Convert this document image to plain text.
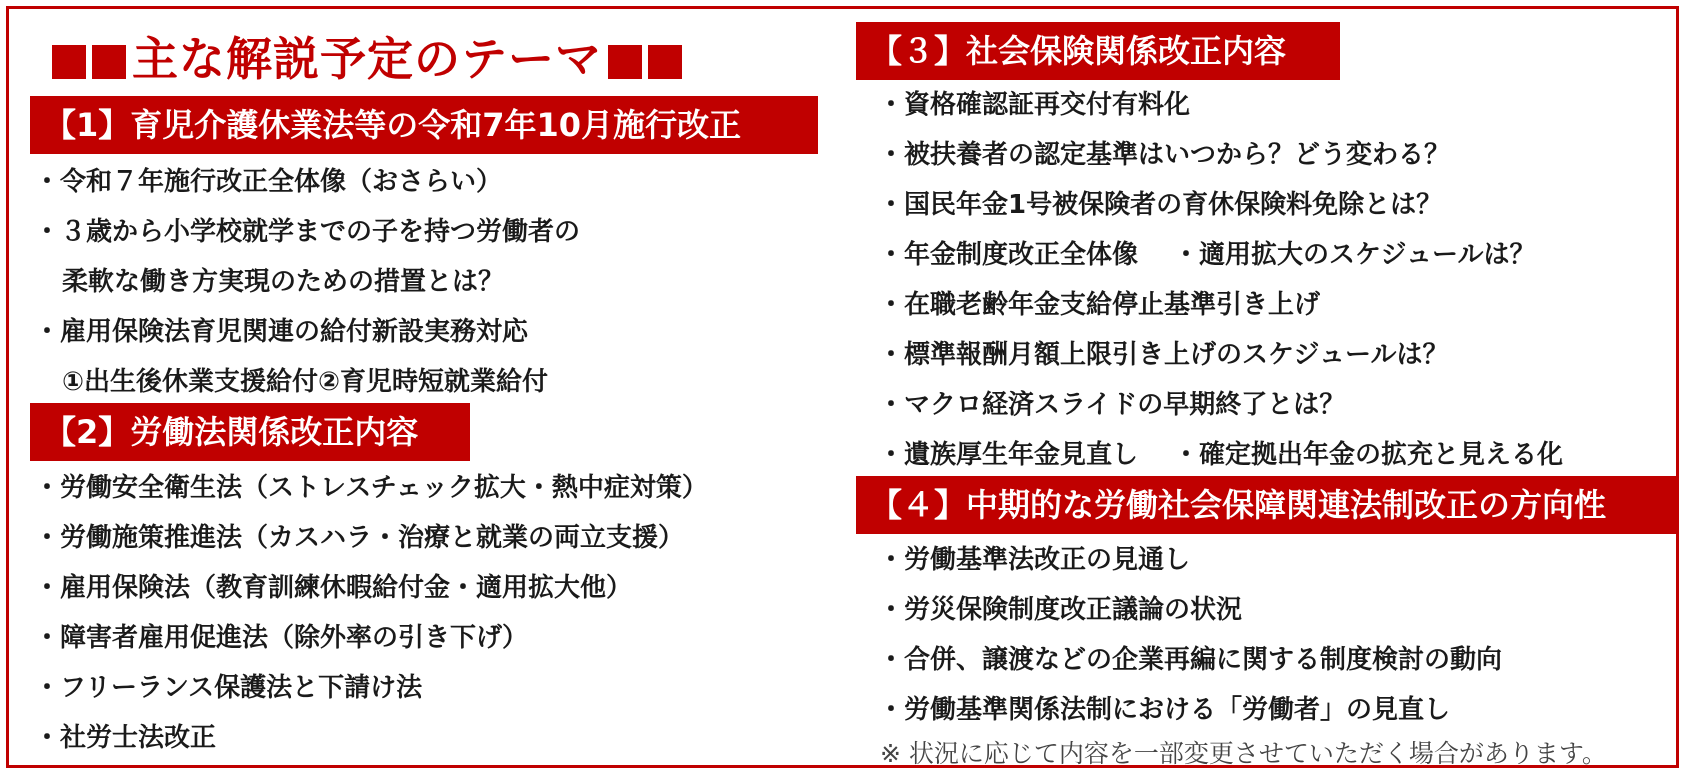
主な解説予定のテーマ
【1】育児介護休業法等の令和7年10月施行改正
・令和７年施行改正全体像（おさらい）
・３歳から小学校就学までの子を持つ労働者の
柔軟な働き方実現のための措置とは？
・雇用保険法育児関連の給付新設実務対応
①出生後休業支援給付②育児時短就業給付
【2】労働法関係改正内容
・労働安全衛生法（ストレスチェック拡大・熱中症対策）
・労働施策推進法（カスハラ・治療と就業の両立支援）
・雇用保険法（教育訓練休暇給付金・適用拡大他）
・障害者雇用促進法（除外率の引き下げ）
・フリーランス保護法と下請け法
・社労士法改正
【３】社会保険関係改正内容
・資格確認証再交付有料化
・被扶養者の認定基準はいつから？どう変わる？
・国民年金1号被保険者の育休保険料免除とは？
・年金制度改正全体像　 ・適用拡大のスケジュールは？
・在職老齢年金支給停止基準引き上げ
・標準報酬月額上限引き上げのスケジュールは？
・マクロ経済スライドの早期終了とは？
・遺族厚生年金見直し　 ・確定拠出年金の拡充と見える化
【４】中期的な労働社会保障関連法制改正の方向性
・労働基準法改正の見通し
・労災保険制度改正議論の状況
・合併、譲渡などの企業再編に関する制度検討の動向
・労働基準関係法制における「労働者」の見直し
※ 状況に応じて内容を一部変更させていただく場合があります。
